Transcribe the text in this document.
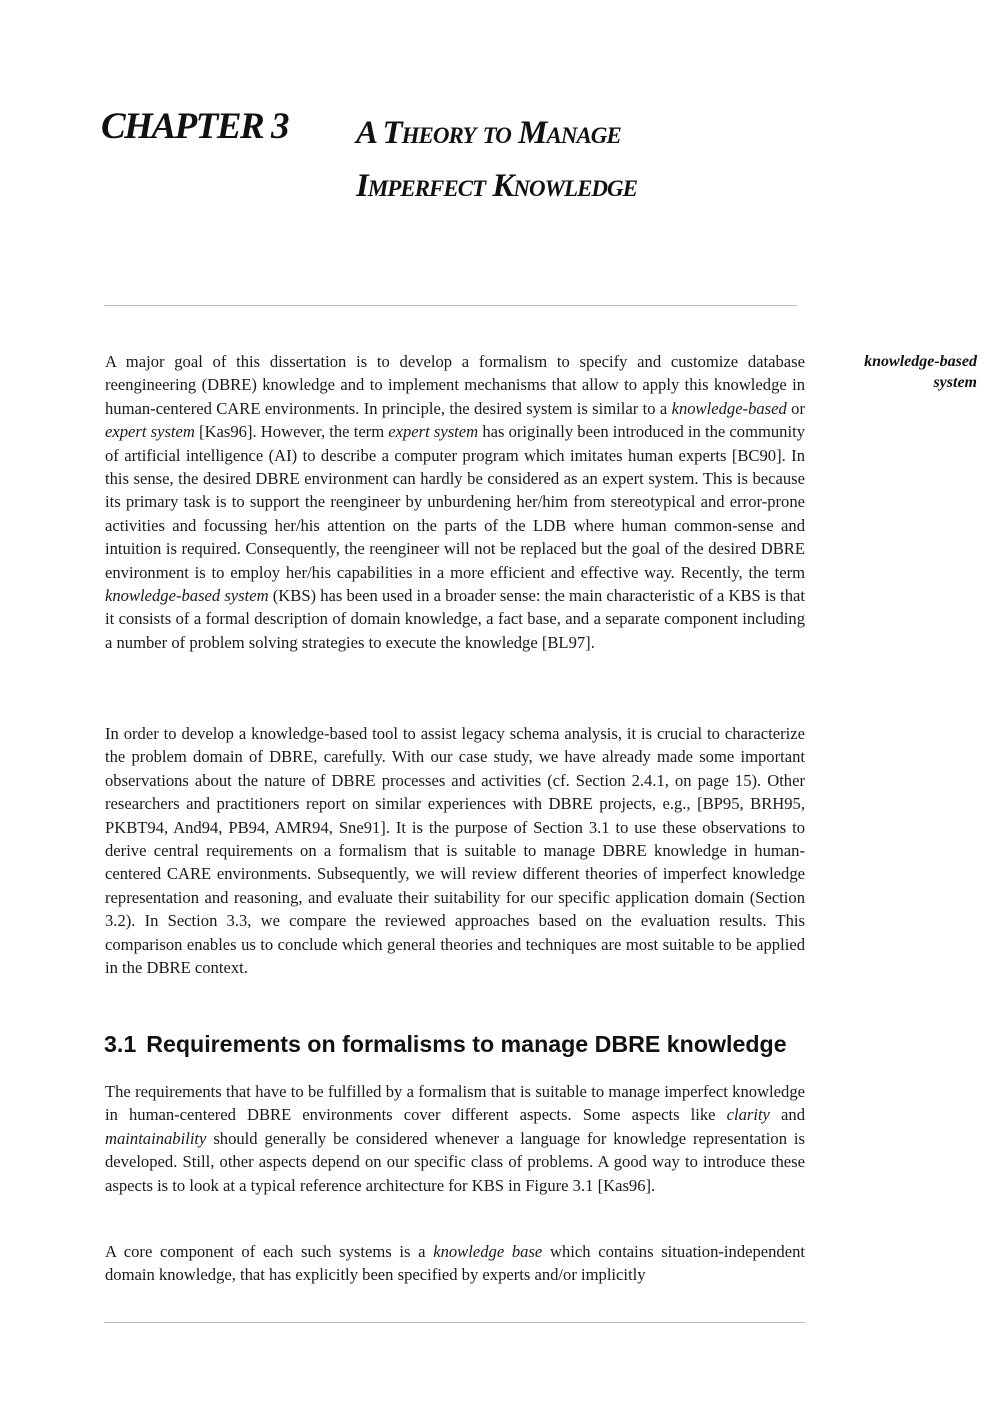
CHAPTER 3 A Theory to Manage
Imperfect Knowledge
knowledge-based
system

A major goal of this dissertation is to develop a formalism to specify and customize database reengineering (DBRE) knowledge and to implement mechanisms that allow to apply this knowledge in human-centered CARE environments. In principle, the desired system is similar to a knowledge-based or expert system [Kas96]. However, the term expert system has originally been introduced in the community of artificial intelligence (AI) to describe a computer program which imitates human experts [BC90]. In this sense, the desired DBRE environment can hardly be considered as an expert system. This is because its primary task is to support the reengineer by unburdening her/him from stereotypical and error-prone activities and focussing her/his attention on the parts of the LDB where human common-sense and intuition is required. Consequently, the reengineer will not be replaced but the goal of the desired DBRE environment is to employ her/his capabilities in a more efficient and effective way. Recently, the term knowledge-based system (KBS) has been used in a broader sense: the main characteristic of a KBS is that it consists of a formal description of domain knowledge, a fact base, and a separate component including a number of problem solving strategies to execute the knowledge [BL97].

In order to develop a knowledge-based tool to assist legacy schema analysis, it is crucial to characterize the problem domain of DBRE, carefully. With our case study, we have already made some important observations about the nature of DBRE processes and activities (cf. Section 2.4.1, on page 15). Other researchers and practitioners report on similar experiences with DBRE projects, e.g., [BP95, BRH95, PKBT94, And94, PB94, AMR94, Sne91]. It is the purpose of Section 3.1 to use these observations to derive central requirements on a formalism that is suitable to manage DBRE knowledge in human-centered CARE environments. Subsequently, we will review different theories of imperfect knowledge representation and reasoning, and evaluate their suitability for our specific application domain (Section 3.2). In Section 3.3, we compare the reviewed approaches based on the evaluation results. This comparison enables us to conclude which general theories and techniques are most suitable to be applied in the DBRE context.

3.1 Requirements on formalisms to manage DBRE knowledge

The requirements that have to be fulfilled by a formalism that is suitable to manage imperfect knowledge in human-centered DBRE environments cover different aspects. Some aspects like clarity and maintainability should generally be considered whenever a language for knowledge representation is developed. Still, other aspects depend on our specific class of problems. A good way to introduce these aspects is to look at a typical reference architecture for KBS in Figure 3.1 [Kas96].

A core component of each such systems is a knowledge base which contains situation-independent domain knowledge, that has explicitly been specified by experts and/or implicitly
